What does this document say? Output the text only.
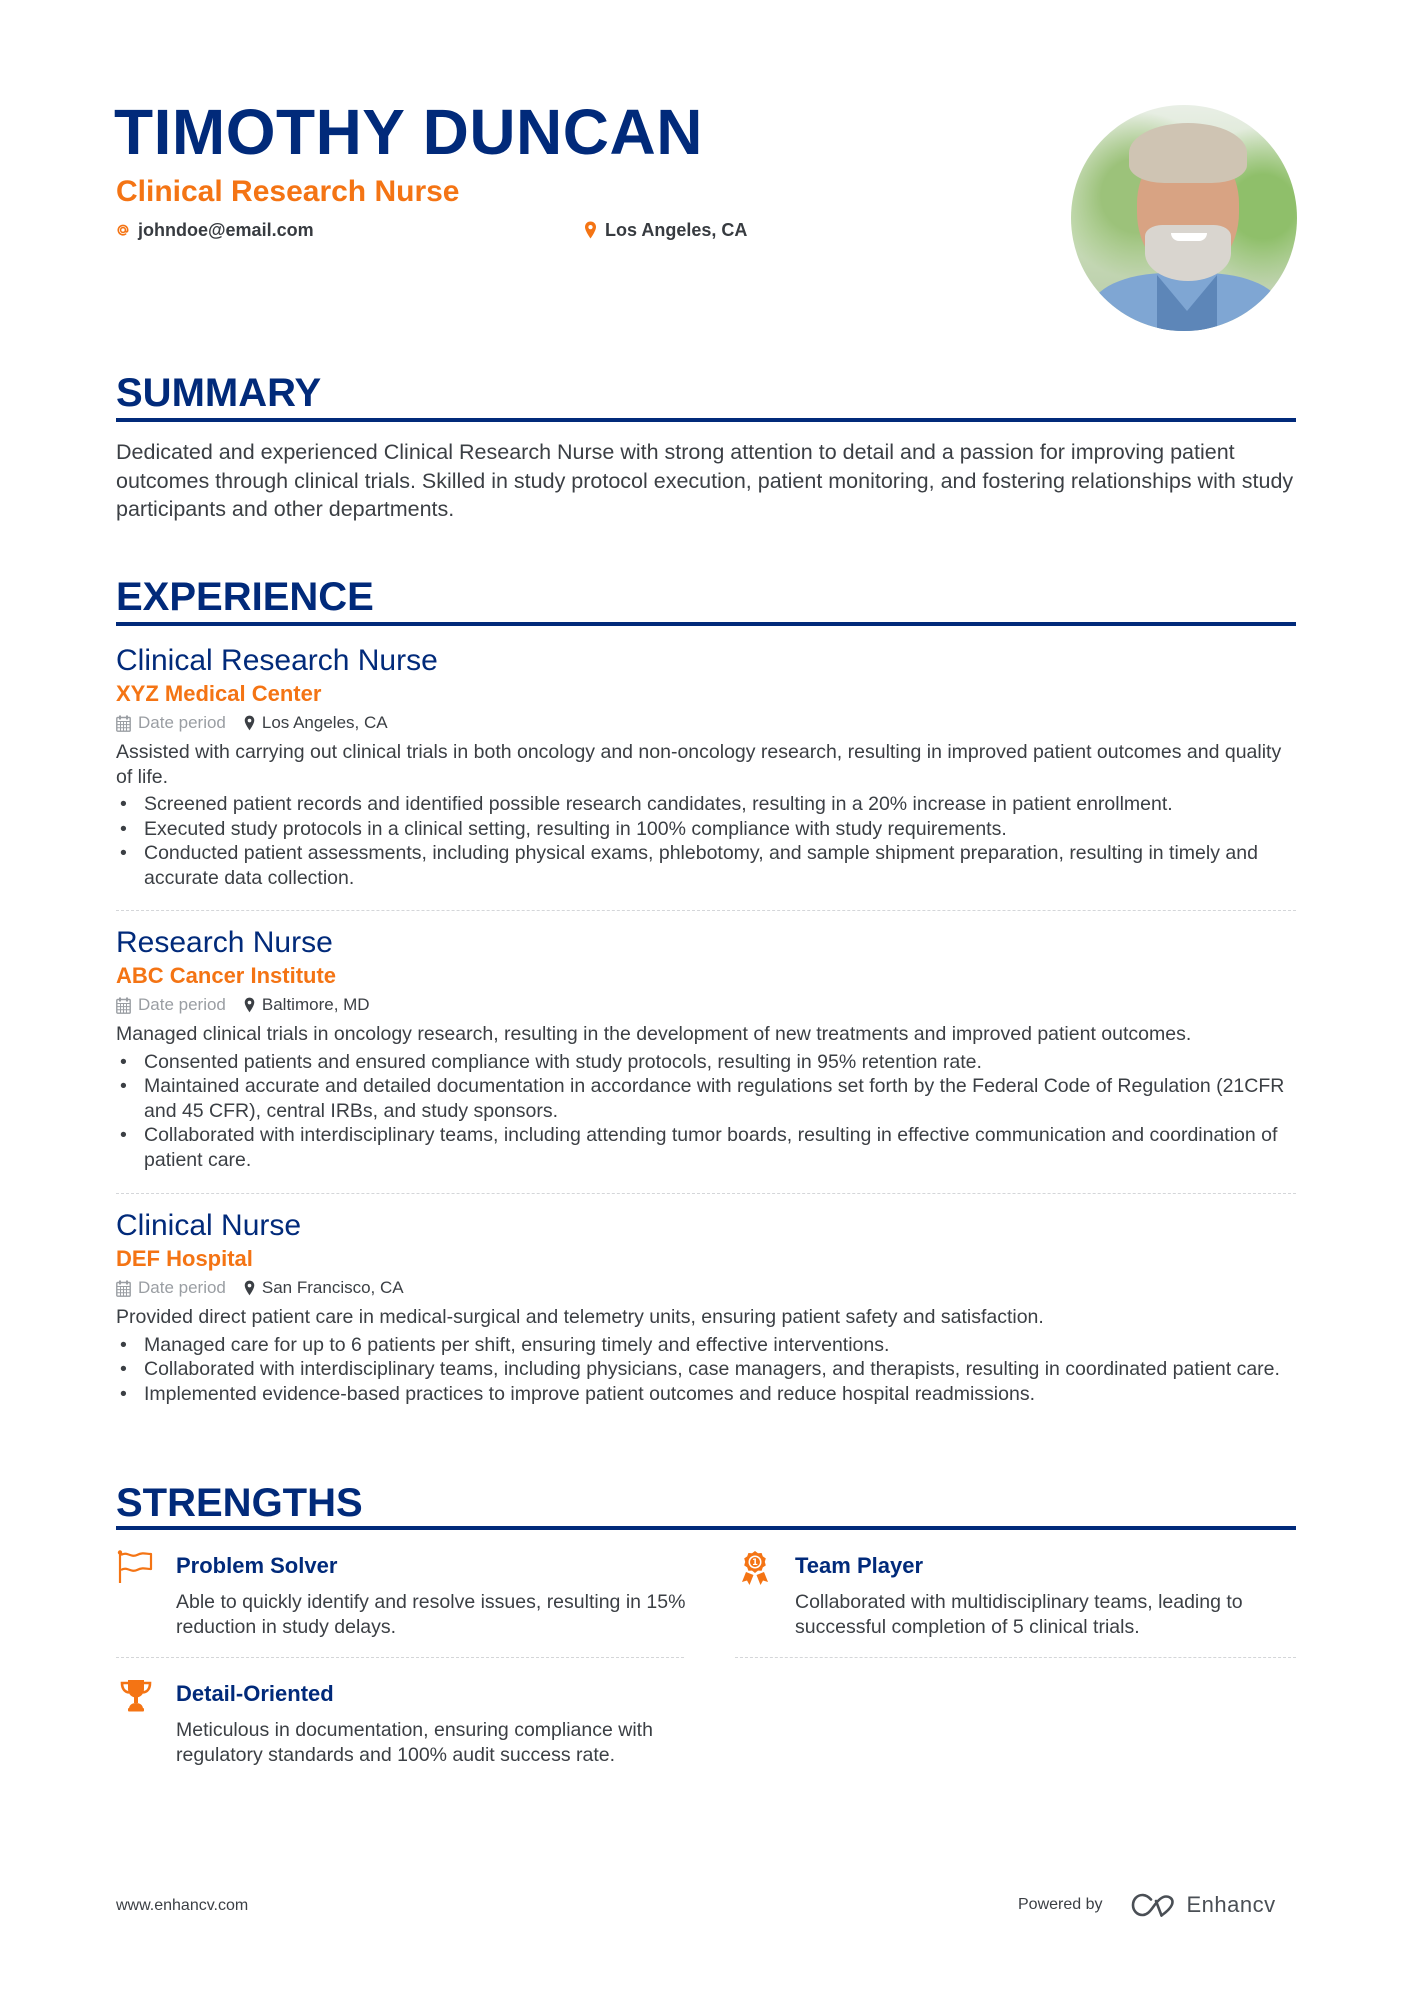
TIMOTHY DUNCAN
Clinical Research Nurse
johndoe@email.com	Los Angeles, CA
SUMMARY
Dedicated and experienced Clinical Research Nurse with strong attention to detail and a passion for improving patient outcomes through clinical trials. Skilled in study protocol execution, patient monitoring, and fostering relationships with study participants and other departments.
EXPERIENCE
Clinical Research Nurse
XYZ Medical Center
Date period Los Angeles, CA
Assisted with carrying out clinical trials in both oncology and non-oncology research, resulting in improved patient outcomes and quality of life.
• Screened patient records and identified possible research candidates, resulting in a 20% increase in patient enrollment.
• Executed study protocols in a clinical setting, resulting in 100% compliance with study requirements.
• Conducted patient assessments, including physical exams, phlebotomy, and sample shipment preparation, resulting in timely and accurate data collection.
Research Nurse
ABC Cancer Institute
Date period Baltimore, MD
Managed clinical trials in oncology research, resulting in the development of new treatments and improved patient outcomes.
• Consented patients and ensured compliance with study protocols, resulting in 95% retention rate.
• Maintained accurate and detailed documentation in accordance with regulations set forth by the Federal Code of Regulation (21CFR and 45 CFR), central IRBs, and study sponsors.
• Collaborated with interdisciplinary teams, including attending tumor boards, resulting in effective communication and coordination of patient care.
Clinical Nurse
DEF Hospital
Date period San Francisco, CA
Provided direct patient care in medical-surgical and telemetry units, ensuring patient safety and satisfaction.
• Managed care for up to 6 patients per shift, ensuring timely and effective interventions.
• Collaborated with interdisciplinary teams, including physicians, case managers, and therapists, resulting in coordinated patient care.
• Implemented evidence-based practices to improve patient outcomes and reduce hospital readmissions.
STRENGTHS
Problem Solver
Able to quickly identify and resolve issues, resulting in 15% reduction in study delays.
1 Team Player
Collaborated with multidisciplinary teams, leading to successful completion of 5 clinical trials.
Detail-Oriented
Meticulous in documentation, ensuring compliance with regulatory standards and 100% audit success rate.
www.enhancv.com	Powered by	Enhancv
